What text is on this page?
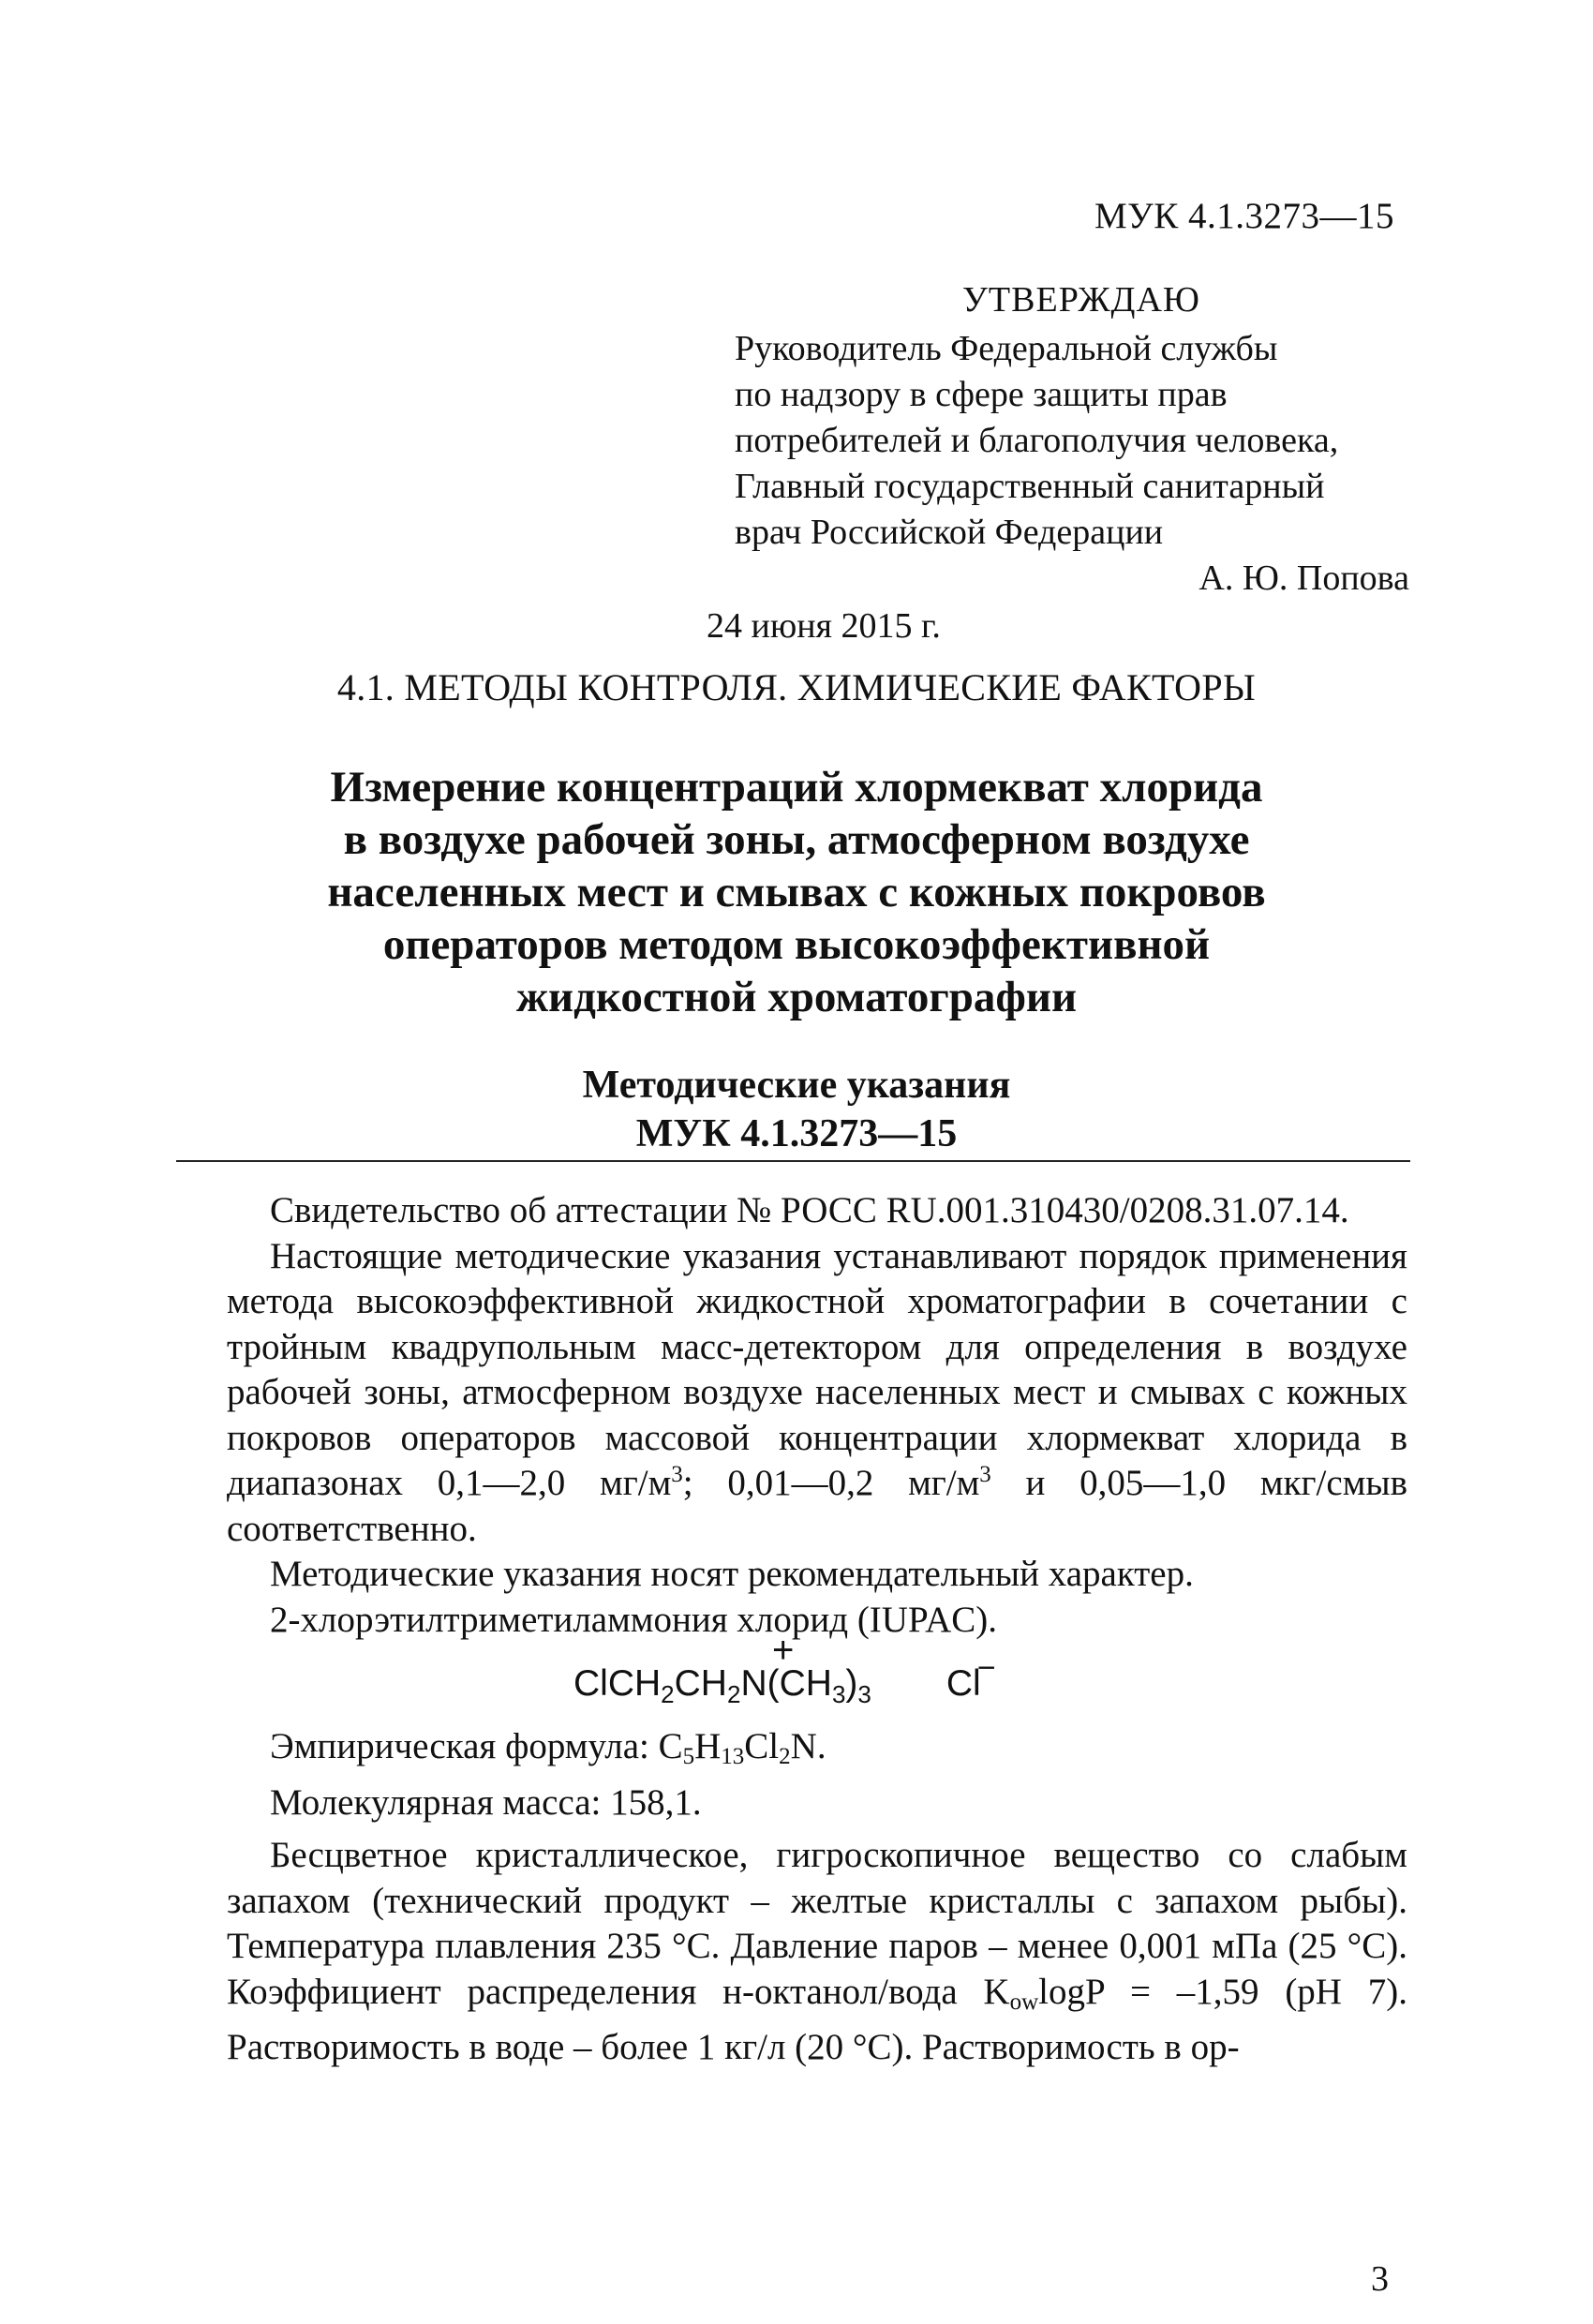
МУК 4.1.3273—15
УТВЕРЖДАЮ
Руководитель Федеральной службы
по надзору в сфере защиты прав
потребителей и благополучия человека,
Главный государственный санитарный
врач Российской Федерации
А. Ю. Попова
24 июня 2015 г.
4.1. МЕТОДЫ КОНТРОЛЯ. ХИМИЧЕСКИЕ ФАКТОРЫ
Измерение концентраций хлормекват хлорида
в воздухе рабочей зоны, атмосферном воздухе
населенных мест и смывах с кожных покровов
операторов методом высокоэффективной
жидкостной хроматографии
Методические указания
МУК 4.1.3273—15

Свидетельство об аттестации № РОСС RU.001.310430/0208.31.07.14.

Настоящие методические указания устанавливают порядок применения метода высокоэффективной жидкостной хроматографии в сочетании с тройным квадрупольным масс-детектором для определения в воздухе рабочей зоны, атмосферном воздухе населенных мест и смывах с кожных покровов операторов массовой концентрации хлормекват хлорида в диапазонах 0,1—2,0 $мг/м^3$; 0,01—0,2 $мг/м^3$ и 0,05—1,0 мкг/смыв соответственно.

Методические указания носят рекомендательный характер.

2-хлорэтилтриметиламмония хлорид (IUPAC).

+
$ClCH_2CH_2N(CH_3)_3$ Cl
−

Эмпирическая формула: $C_5H_{13}Cl_2N$.

Молекулярная масса: 158,1.

Бесцветное кристаллическое, гигроскопичное вещество со слабым запахом (технический продукт – желтые кристаллы с запахом рыбы). Температура плавления 235 °С. Давление паров – менее 0,001 мПа (25 °С). Коэффициент распределения н-октанол/вода $K_{ow}\log P = -1,59$ (pH 7). Растворимость в воде – более 1 кг/л (20 °С). Растворимость в ор-

3
